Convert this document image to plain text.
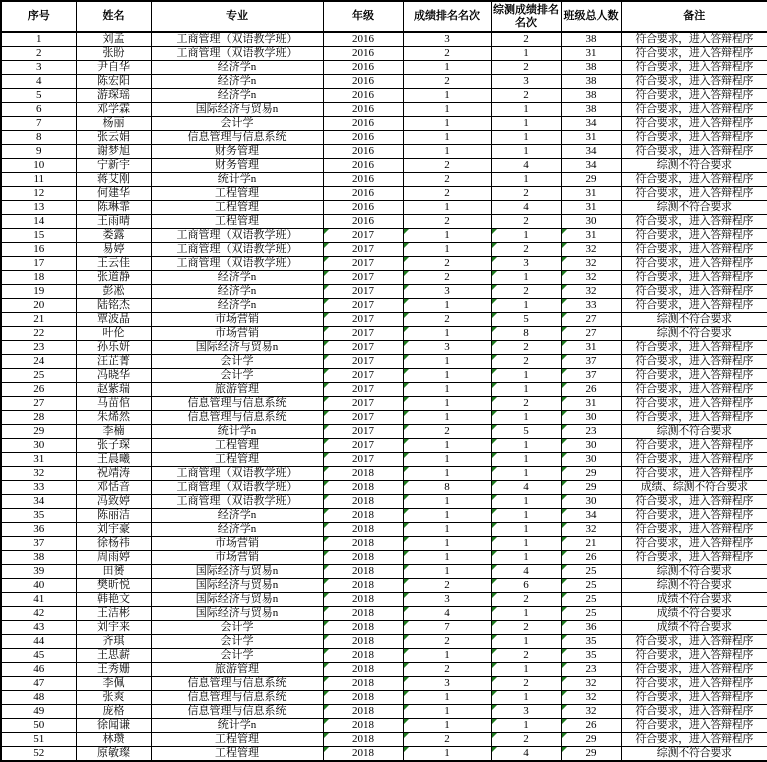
序号	姓名	专业	年级	成绩排名名次	综测成绩排名 名次	班级总人数	备注
1	刘孟	工商管理（双语教学班）	2016	3	2	38	符合要求，进入答辩程序
2	张盼	工商管理（双语教学班）	2016	2	1	31	符合要求，进入答辩程序
3	尹自华	经济学n	2016	1	2	38	符合要求，进入答辩程序
4	陈宏阳	经济学n	2016	2	3	38	符合要求，进入答辩程序
5	游琛瑶	经济学n	2016	1	2	38	符合要求，进入答辩程序
6	邓学霖	国际经济与贸易n	2016	1	1	38	符合要求，进入答辩程序
7	杨丽	会计学	2016	1	1	34	符合要求，进入答辩程序
8	张云娟	信息管理与信息系统	2016	1	1	31	符合要求，进入答辩程序
9	谢梦旭	财务管理	2016	1	1	34	符合要求，进入答辩程序
10	宁新宇	财务管理	2016	2	4	34	综测不符合要求
11	蒋艾刚	统计学n	2016	2	1	29	符合要求，进入答辩程序
12	何建华	工程管理	2016	2	2	31	符合要求，进入答辩程序
13	陈琳霏	工程管理	2016	1	4	31	综测不符合要求
14	王雨晴	工程管理	2016	2	2	30	符合要求，进入答辩程序
15	娄露	工商管理（双语教学班）	2017	1	1	31	符合要求，进入答辩程序
16	易婷	工商管理（双语教学班）	2017	1	2	32	符合要求，进入答辩程序
17	王云佳	工商管理（双语教学班）	2017	2	3	32	符合要求，进入答辩程序
18	张道静	经济学n	2017	2	1	32	符合要求，进入答辩程序
19	彭凇	经济学n	2017	3	2	32	符合要求，进入答辩程序
20	陆铭杰	经济学n	2017	1	1	33	符合要求，进入答辩程序
21	覃波晶	市场营销	2017	2	5	27	综测不符合要求
22	叶伦	市场营销	2017	1	8	27	综测不符合要求
23	孙乐妍	国际经济与贸易n	2017	3	2	31	符合要求，进入答辩程序
24	汪芷菁	会计学	2017	1	2	37	符合要求，进入答辩程序
25	冯晓华	会计学	2017	1	1	37	符合要求，进入答辩程序
26	赵紫瑞	旅游管理	2017	1	1	26	符合要求，进入答辩程序
27	马苗倌	信息管理与信息系统	2017	1	2	31	符合要求，进入答辩程序
28	朱烯然	信息管理与信息系统	2017	1	1	30	符合要求，进入答辩程序
29	李楠	统计学n	2017	2	5	23	综测不符合要求
30	张子琛	工程管理	2017	1	1	30	符合要求，进入答辩程序
31	王晨曦	工程管理	2017	1	1	30	符合要求，进入答辩程序
32	祝靖涛	工商管理（双语教学班）	2018	1	1	29	符合要求，进入答辩程序
33	邓恬音	工商管理（双语教学班）	2018	8	4	29	成绩、综测不符合要求
34	冯致婷	工商管理（双语教学班）	2018	1	1	30	符合要求，进入答辩程序
35	陈丽洁	经济学n	2018	1	1	34	符合要求，进入答辩程序
36	刘宇豪	经济学n	2018	1	1	32	符合要求，进入答辩程序
37	徐杨祎	市场营销	2018	1	1	21	符合要求，进入答辩程序
38	周雨婷	市场营销	2018	1	1	26	符合要求，进入答辩程序
39	田赟	国际经济与贸易n	2018	1	4	25	综测不符合要求
40	樊昕悦	国际经济与贸易n	2018	2	6	25	综测不符合要求
41	韩艳文	国际经济与贸易n	2018	3	2	25	成绩不符合要求
42	王洁彬	国际经济与贸易n	2018	4	1	25	成绩不符合要求
43	刘宇来	会计学	2018	7	2	36	成绩不符合要求
44	齐琪	会计学	2018	2	1	35	符合要求，进入答辩程序
45	王思薪	会计学	2018	1	2	35	符合要求，进入答辩程序
46	王秀姗	旅游管理	2018	2	1	23	符合要求，进入答辩程序
47	李佩	信息管理与信息系统	2018	3	2	32	符合要求，进入答辩程序
48	张爽	信息管理与信息系统	2018	1	1	32	符合要求，进入答辩程序
49	庞格	信息管理与信息系统	2018	1	3	32	符合要求，进入答辩程序
50	徐闻谦	统计学n	2018	1	1	26	符合要求，进入答辩程序
51	林瓒	工程管理	2018	2	2	29	符合要求，进入答辩程序
52	原敏璨	工程管理	2018	1	4	29	综测不符合要求
